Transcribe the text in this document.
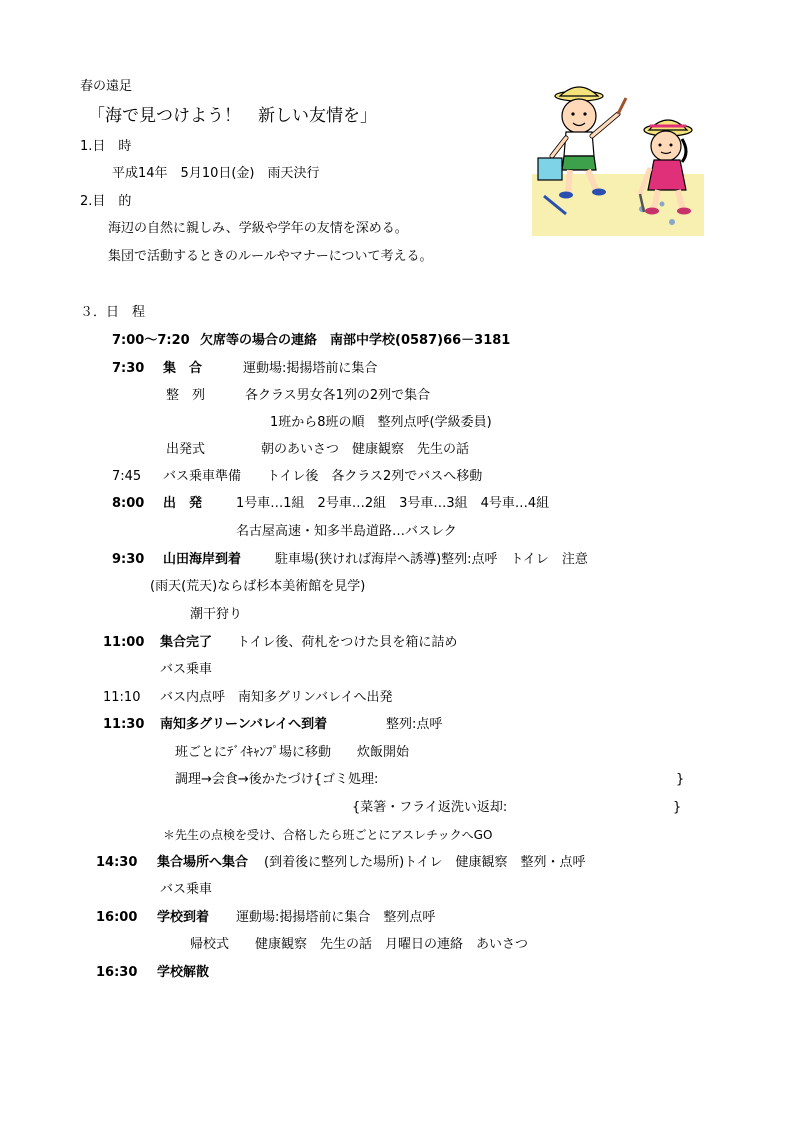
春の遠足
「海で見つけよう！　新しい友情を」
1.日　時
平成14年　5月10日(金)　雨天決行
2.目　的
海辺の自然に親しみ、学級や学年の友情を深める。
集団で活動するときのルールやマナーについて考える。
３．日　程
7:00～7:20 欠席等の場合の連絡　南部中学校(0587)66－3181
7:30 集　合	運動場:掲揚塔前に集合
整　列	各クラス男女各1列の2列で集合
1班から8班の順　整列点呼(学級委員)
出発式	朝のあいさつ　健康観察　先生の話
7:45 バス乗車準備　　トイレ後　各クラス2列でバスへ移動
8:00 出　発	1号車…1組　2号車…2組　3号車…3組　4号車…4組
名古屋高速・知多半島道路…バスレク
9:30 山田海岸到着	駐車場(狭ければ海岸へ誘導)整列:点呼　トイレ　注意
(雨天(荒天)ならば杉本美術館を見学)
潮干狩り
11:00 集合完了 トイレ後、荷札をつけた貝を箱に詰め
バス乗車
11:10 バス内点呼　南知多グリンバレイへ出発
11:30 南知多グリーンバレイへ到着	整列:点呼
班ごとにﾃﾞｲｷｬﾝﾌﾟ場に移動　　炊飯開始
調理→会食→後かたづけ{ゴミ処理:	}
{菜箸・フライ返洗い返却:	}
＊先生の点検を受け、合格したら班ごとにアスレチックへGO
14:30 集合場所へ集合 (到着後に整列した場所)トイレ　健康観察　整列・点呼
バス乗車
16:00 学校到着 運動場:掲揚塔前に集合　整列点呼
帰校式　　健康観察　先生の話　月曜日の連絡　あいさつ
16:30 学校解散
